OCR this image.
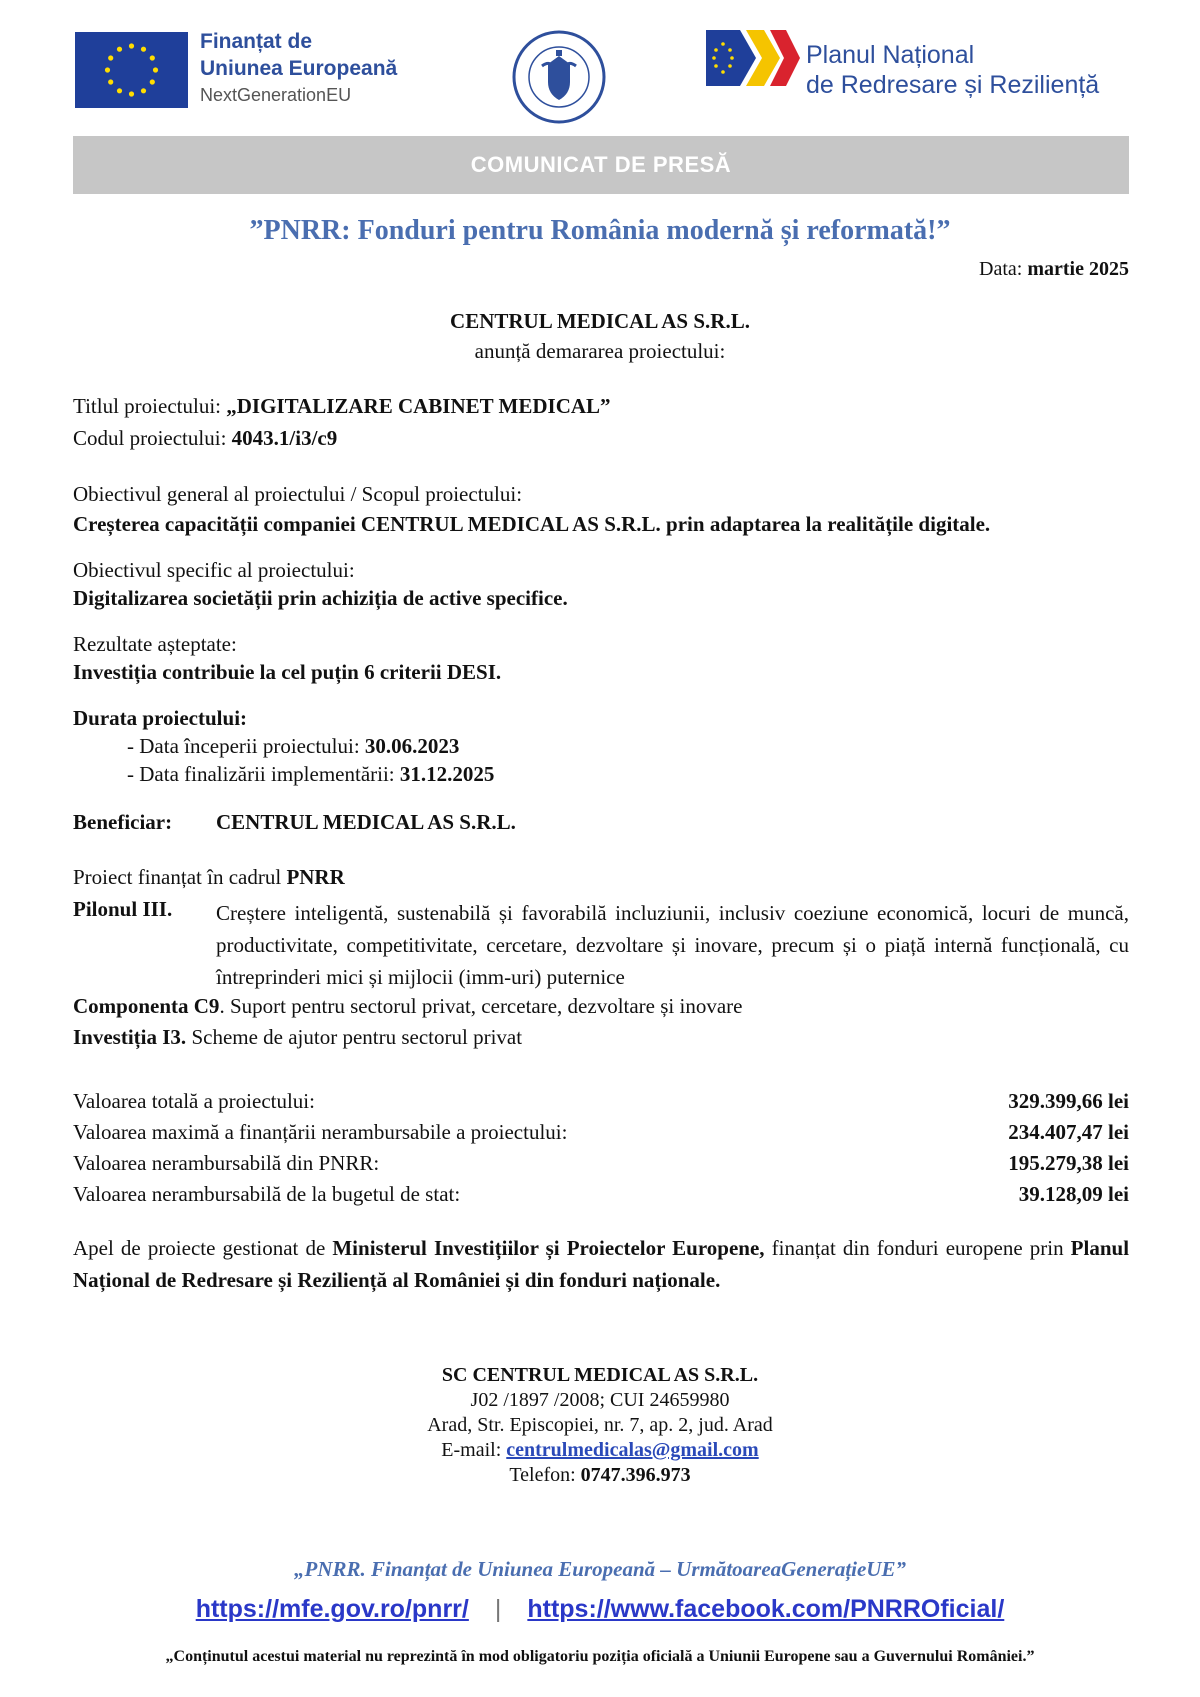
Finanțat de
Uniunea Europeană
NextGenerationEU
Planul Național
de Redresare și Reziliență
COMUNICAT DE PRESĂ
”PNRR: Fonduri pentru România modernă și reformată!”
Data: martie 2025
CENTRUL MEDICAL AS S.R.L.
anunță demararea proiectului:
Titlul proiectului: „DIGITALIZARE CABINET MEDICAL”
Codul proiectului: 4043.1/i3/c9
Obiectivul general al proiectului / Scopul proiectului:
Creșterea capacității companiei CENTRUL MEDICAL AS S.R.L. prin adaptarea la realitățile digitale.
Obiectivul specific al proiectului:
Digitalizarea societății prin achiziția de active specifice.
Rezultate așteptate:
Investiția contribuie la cel puțin 6 criterii DESI.
Durata proiectului:
- Data începerii proiectului: 30.06.2023
- Data finalizării implementării: 31.12.2025
Beneficiar: CENTRUL MEDICAL AS S.R.L.
Proiect finanțat în cadrul PNRR
Pilonul III. Creștere inteligentă, sustenabilă și favorabilă incluziunii, inclusiv coeziune economică, locuri de muncă, productivitate, competitivitate, cercetare, dezvoltare și inovare, precum și o piață internă funcțională, cu întreprinderi mici și mijlocii (imm-uri) puternice
Componenta C9. Suport pentru sectorul privat, cercetare, dezvoltare și inovare
Investiția I3. Scheme de ajutor pentru sectorul privat
Valoarea totală a proiectului:	329.399,66 lei
Valoarea maximă a finanțării nerambursabile a proiectului:	234.407,47 lei
Valoarea nerambursabilă din PNRR:	195.279,38 lei
Valoarea nerambursabilă de la bugetul de stat:	39.128,09 lei
Apel de proiecte gestionat de Ministerul Investițiilor și Proiectelor Europene, finanțat din fonduri europene prin Planul Național de Redresare și Reziliență al României și din fonduri naționale.
SC CENTRUL MEDICAL AS S.R.L.
J02 /1897 /2008; CUI 24659980
Arad, Str. Episcopiei, nr. 7, ap. 2, jud. Arad
E-mail: centrulmedicalas@gmail.com
Telefon: 0747.396.973
„PNRR. Finanțat de Uniunea Europeană – UrmătoareaGenerațieUE”
https://mfe.gov.ro/pnrr/ | https://www.facebook.com/PNRROficial/
„Conținutul acestui material nu reprezintă în mod obligatoriu poziția oficială a Uniunii Europene sau a Guvernului României.”
